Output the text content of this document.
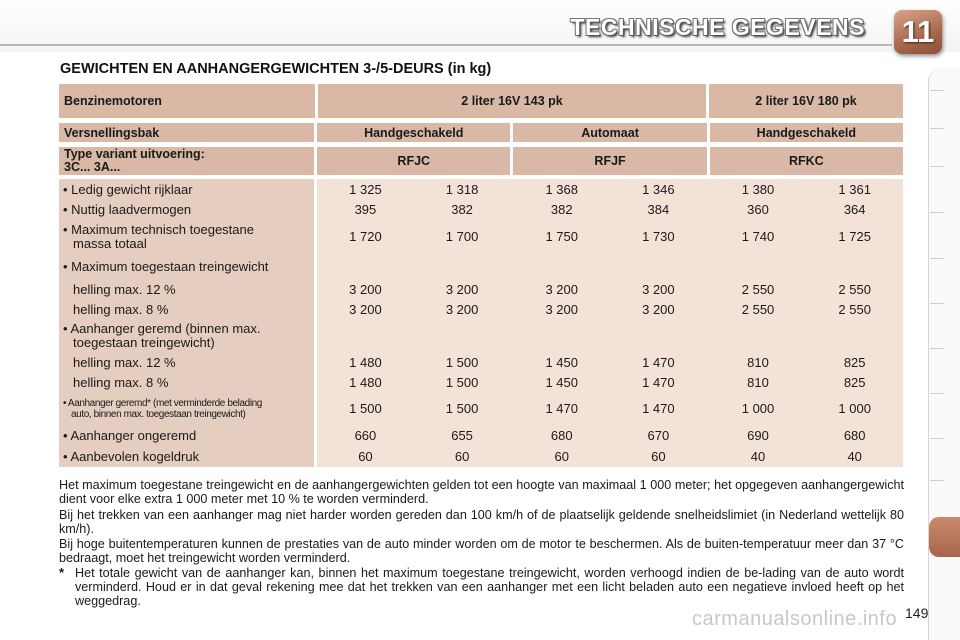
TECHNISCHE GEGEVENS 11
GEWICHTEN EN AANHANGERGEWICHTEN 3-/5-DEURS (in kg)
Benzinemotoren	2 liter 16V 143 pk	2 liter 16V 180 pk
Versnellingsbak	Handgeschakeld	Automaat	Handgeschakeld
Type variant uitvoering:
3C... 3A...	RFJC	RFJF	RFKC
• Ledig gewicht rijklaar	1 325	1 318	1 368	1 346	1 380	1 361
• Nuttig laadvermogen	395	382	382	384	360	364
• Maximum technisch toegestane
massa totaal	1 720	1 700	1 750	1 730	1 740	1 725
• Maximum toegestaan treingewicht
helling max. 12 %	3 200	3 200	3 200	3 200	2 550	2 550
helling max. 8 %	3 200	3 200	3 200	3 200	2 550	2 550
• Aanhanger geremd (binnen max.
toegestaan treingewicht)
helling max. 12 %	1 480	1 500	1 450	1 470	810	825
helling max. 8 %	1 480	1 500	1 450	1 470	810	825
• Aanhanger geremd* (met verminderde belading
auto, binnen max. toegestaan treingewicht)	1 500	1 500	1 470	1 470	1 000	1 000
• Aanhanger ongeremd	660	655	680	670	690	680
• Aanbevolen kogeldruk	60	60	60	60	40	40
Het maximum toegestane treingewicht en de aanhangergewichten gelden tot een hoogte van maximaal 1 000 meter; het opgegeven aanhangergewicht dient voor elke extra 1 000 meter met 10 % te worden verminderd.
Bij het trekken van een aanhanger mag niet harder worden gereden dan 100 km/h of de plaatselijk geldende snelheidslimiet (in Nederland wettelijk 80 km/h).
Bij hoge buitentemperaturen kunnen de prestaties van de auto minder worden om de motor te beschermen. Als de buiten-temperatuur meer dan 37 °C bedraagt, moet het treingewicht worden verminderd.
* Het totale gewicht van de aanhanger kan, binnen het maximum toegestane treingewicht, worden verhoogd indien de be-lading van de auto wordt verminderd. Houd er in dat geval rekening mee dat het trekken van een aanhanger met een licht beladen auto een negatieve invloed heeft op het weggedrag.
carmanualsonline.info 149
